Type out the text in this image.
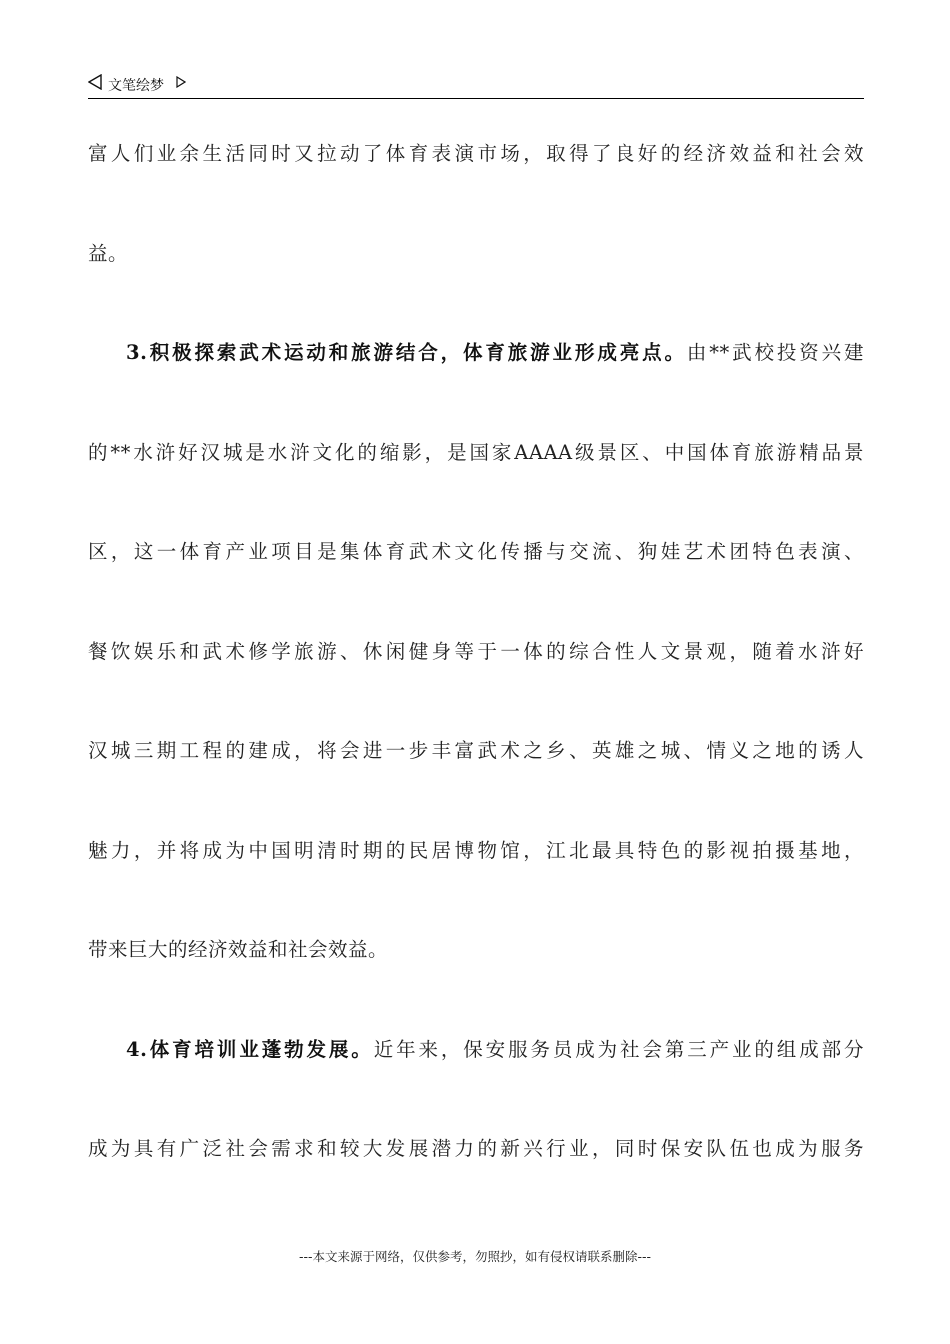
文笔绘梦
富人们业余生活同时又拉动了体育表演市场，取得了良好的经济效益和社会效
益。
3.积极探索武术运动和旅游结合，体育旅游业形成亮点。由**武校投资兴建
的**水浒好汉城是水浒文化的缩影，是国家AAAA级景区、中国体育旅游精品景
区，这一体育产业项目是集体育武术文化传播与交流、狗娃艺术团特色表演、
餐饮娱乐和武术修学旅游、休闲健身等于一体的综合性人文景观，随着水浒好
汉城三期工程的建成，将会进一步丰富武术之乡、英雄之城、情义之地的诱人
魅力，并将成为中国明清时期的民居博物馆，江北最具特色的影视拍摄基地，
带来巨大的经济效益和社会效益。
4.体育培训业蓬勃发展。近年来，保安服务员成为社会第三产业的组成部分
成为具有广泛社会需求和较大发展潜力的新兴行业，同时保安队伍也成为服务
---本文来源于网络，仅供参考，勿照抄，如有侵权请联系删除---
